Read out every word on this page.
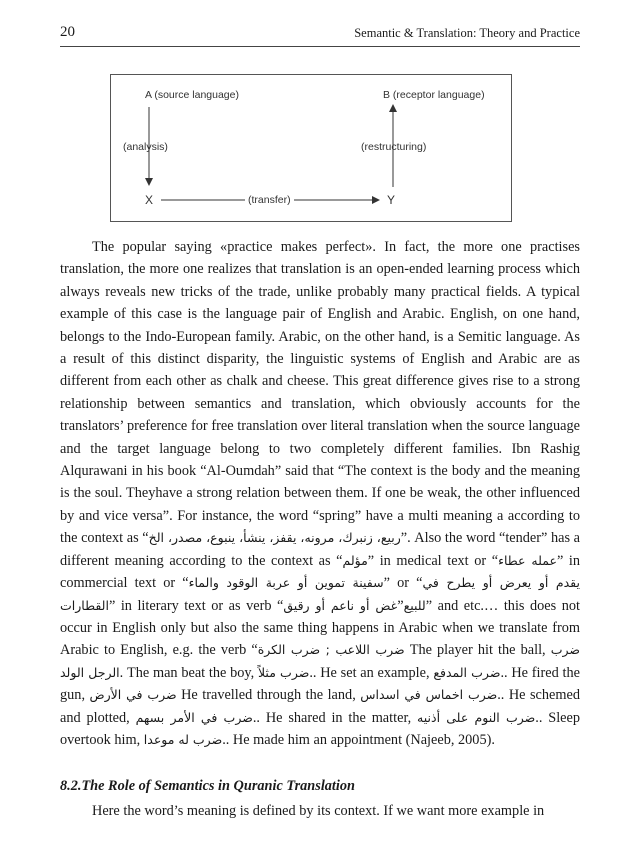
20	Semantic & Translation: Theory and Practice
A (source language)	B (receptor language)
(analysis)	(restructuring)
X	(transfer)	Y

The popular saying «practice makes perfect». In fact, the more one practises translation, the more one realizes that translation is an open-ended learning process which always reveals new tricks of the trade, unlike probably many practical fields. A typical example of this case is the language pair of English and Arabic. English, on one hand, belongs to the Indo-European family. Arabic, on the other hand, is a Semitic language. As a result of this distinct disparity, the linguistic systems of English and Arabic are as different from each other as chalk and cheese. This great difference gives rise to a strong relationship between semantics and translation, which obviously accounts for the translators’ preference for free translation over literal translation when the source language and the target language belong to two completely different families. Ibn Rashig Alqurawani in his book “Al-Oumdah” said that “The context is the body and the meaning is the soul. Theyhave a strong relation between them. If one be weak, the other influenced by and vice versa”. For instance, the word “spring” have a multi meaning a according to the context as “ربيع، زنبرك، مرونه، يقفز، ينشأ، ينبوع، مصدر، الخ”. Also the word “tender” has a different meaning according to the context as “مؤلم” in medical text or “عمله عطاء” in commercial text or “سفينة تموين أو عربة الوقود والماء” or “يقدم أو يعرض أو يطرح في القطارات” in literary text or as verb “غض أو ناعم أو رقيق”للبيع” and etc.… this does not occur in English only but also the same thing happens in Arabic when we translate from Arabic to English, e.g. the verb “ضرب اللاعب ; ضرب الكرة The player hit the ball, ضرب الرجل الولد. The man beat the boy, ضرب مثلاً.. He set an example, ضرب المدفع.. He fired the gun, ضرب في الأرض He travelled through the land, ضرب اخماس في اسداس.. He schemed and plotted, ضرب في الأمر بسهم.. He shared in the matter, ضرب النوم على أذنيه.. Sleep overtook him, ضرب له موعدا.. He made him an appointment (Najeeb, 2005).

8.2.The Role of Semantics in Quranic Translation
Here the word’s meaning is defined by its context. If we want more example in
